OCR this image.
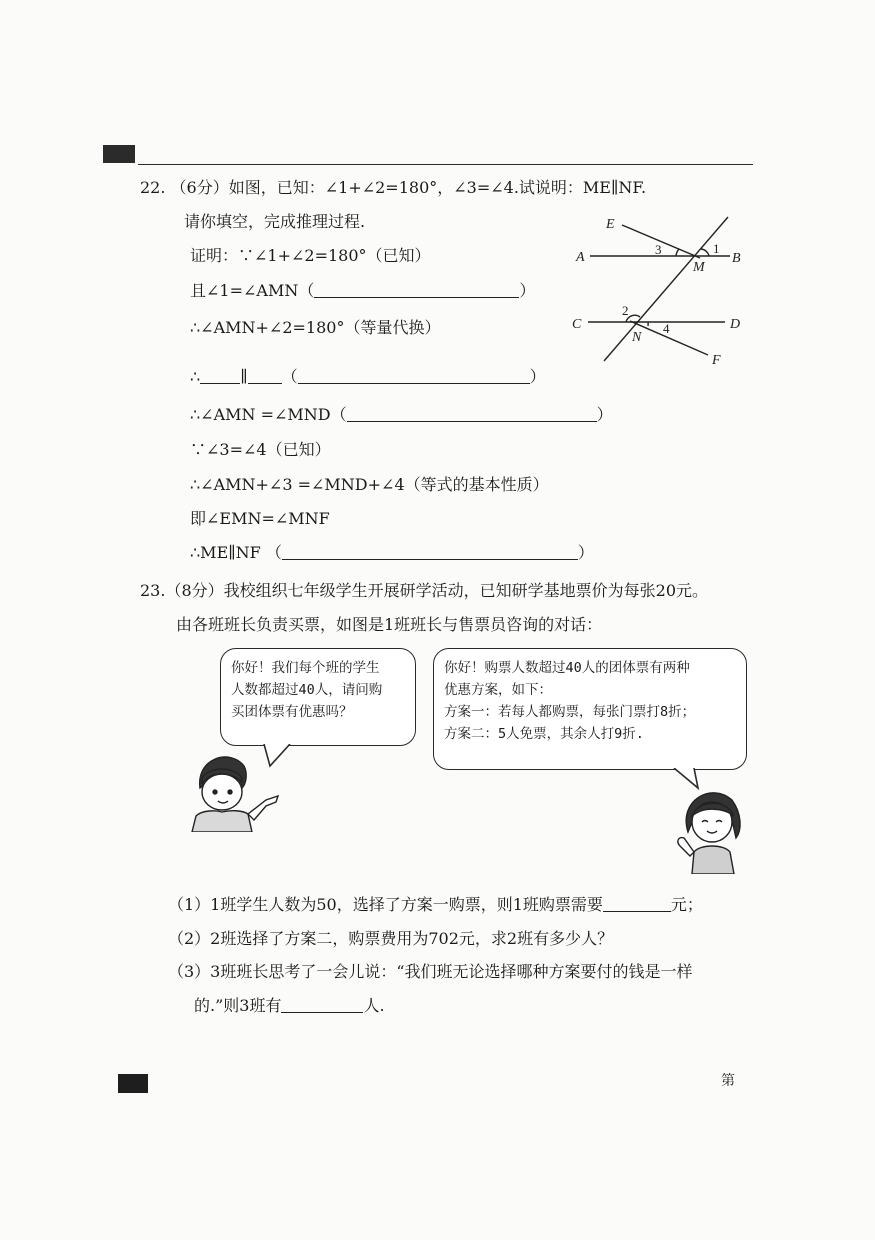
22. （6分）如图，已知：∠1+∠2=180°，∠3=∠4.试说明：ME∥NF.
请你填空，完成推理过程.
证明：∵∠1+∠2=180°（已知）
且∠1=∠AMN（	）
∴∠AMN+∠2=180°（等量代换）
∴	∥ （	）
∴∠AMN =∠MND（	）
∵∠3=∠4（已知）
∴∠AMN+∠3 =∠MND+∠4（等式的基本性质）
即∠EMN=∠MNF
∴ME∥NF （	）
E
A	B
M
C	D
N
F
1
3
2
4
23.（8分）我校组织七年级学生开展研学活动，已知研学基地票价为每张20元。
由各班班长负责买票，如图是1班班长与售票员咨询的对话：
你好！我们每个班的学生
人数都超过40人，请问购
买团体票有优惠吗？
你好！购票人数超过40人的团体票有两种
优惠方案，如下：
方案一：若每人都购票，每张门票打8折；
方案二：5人免票，其余人打9折.
（1）1班学生人数为50，选择了方案一购票，则1班购票需要	元；
（2）2班选择了方案二，购票费用为702元，求2班有多少人？
（3）3班班长思考了一会儿说：“我们班无论选择哪种方案要付的钱是一样
的.”则3班有	人.
第
